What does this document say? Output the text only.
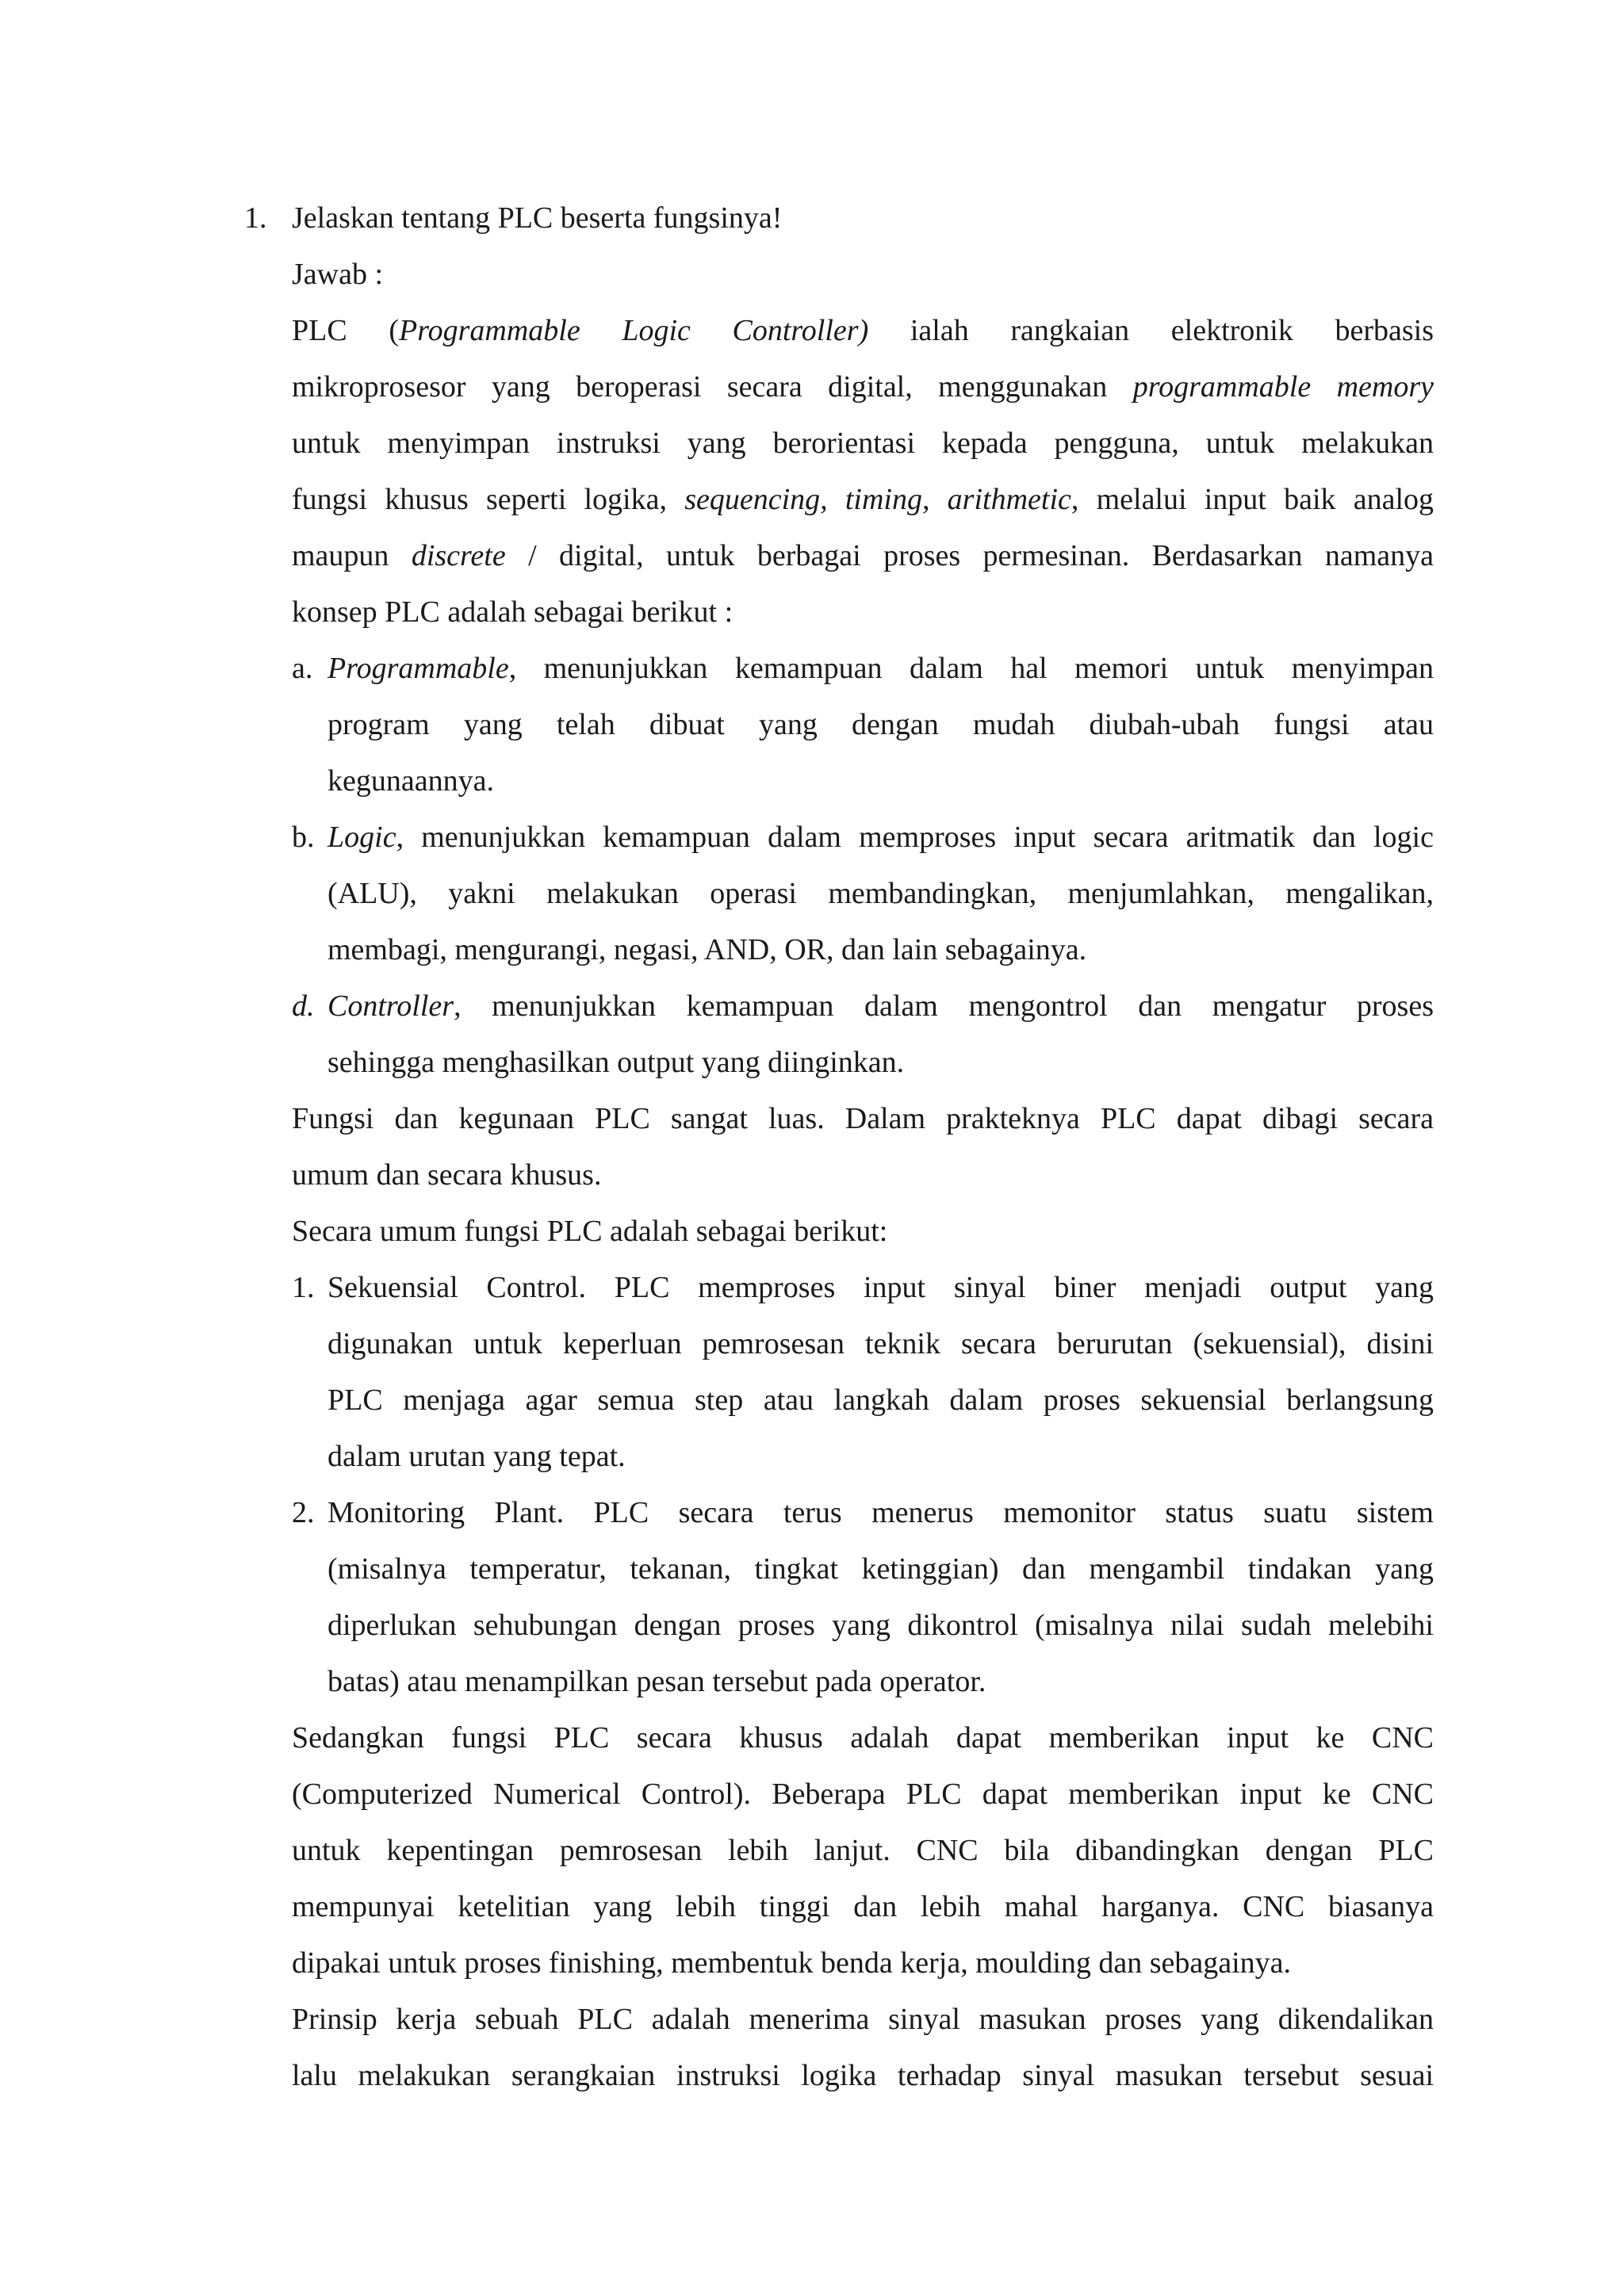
1. Jelaskan tentang PLC beserta fungsinya!
Jawab :
PLC (Programmable Logic Controller) ialah rangkaian elektronik berbasis
mikroprosesor yang beroperasi secara digital, menggunakan programmable memory
untuk menyimpan instruksi yang berorientasi kepada pengguna, untuk melakukan
fungsi khusus seperti logika, sequencing, timing, arithmetic, melalui input baik analog
maupun discrete / digital, untuk berbagai proses permesinan. Berdasarkan namanya
konsep PLC adalah sebagai berikut :
a. Programmable, menunjukkan kemampuan dalam hal memori untuk menyimpan
program yang telah dibuat yang dengan mudah diubah-ubah fungsi atau
kegunaannya.
b. Logic, menunjukkan kemampuan dalam memproses input secara aritmatik dan logic
(ALU), yakni melakukan operasi membandingkan, menjumlahkan, mengalikan,
membagi, mengurangi, negasi, AND, OR, dan lain sebagainya.
d. Controller, menunjukkan kemampuan dalam mengontrol dan mengatur proses
sehingga menghasilkan output yang diinginkan.
Fungsi dan kegunaan PLC sangat luas. Dalam prakteknya PLC dapat dibagi secara
umum dan secara khusus.
Secara umum fungsi PLC adalah sebagai berikut:
1. Sekuensial Control. PLC memproses input sinyal biner menjadi output yang
digunakan untuk keperluan pemrosesan teknik secara berurutan (sekuensial), disini
PLC menjaga agar semua step atau langkah dalam proses sekuensial berlangsung
dalam urutan yang tepat.
2. Monitoring Plant. PLC secara terus menerus memonitor status suatu sistem
(misalnya temperatur, tekanan, tingkat ketinggian) dan mengambil tindakan yang
diperlukan sehubungan dengan proses yang dikontrol (misalnya nilai sudah melebihi
batas) atau menampilkan pesan tersebut pada operator.
Sedangkan fungsi PLC secara khusus adalah dapat memberikan input ke CNC
(Computerized Numerical Control). Beberapa PLC dapat memberikan input ke CNC
untuk kepentingan pemrosesan lebih lanjut. CNC bila dibandingkan dengan PLC
mempunyai ketelitian yang lebih tinggi dan lebih mahal harganya. CNC biasanya
dipakai untuk proses finishing, membentuk benda kerja, moulding dan sebagainya.
Prinsip kerja sebuah PLC adalah menerima sinyal masukan proses yang dikendalikan
lalu melakukan serangkaian instruksi logika terhadap sinyal masukan tersebut sesuai
